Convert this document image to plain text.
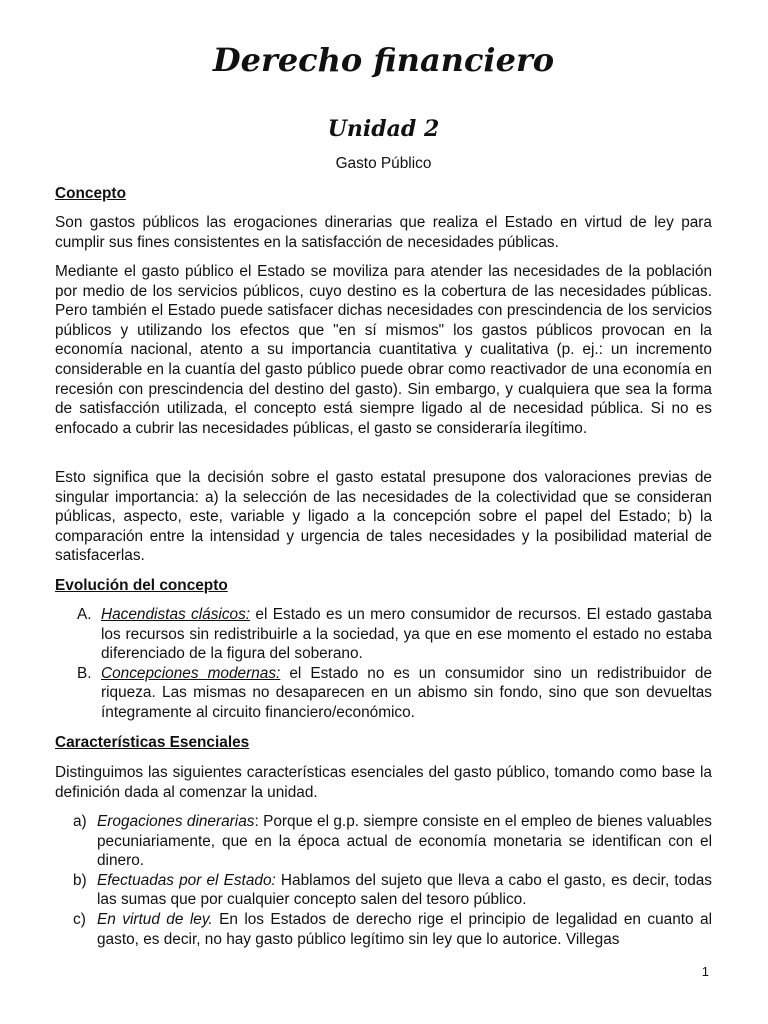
Derecho financiero
Unidad 2
Gasto Público
Concepto

Son gastos públicos las erogaciones dinerarias que realiza el Estado en virtud de ley para cumplir sus fines consistentes en la satisfacción de necesidades públicas.

Mediante el gasto público el Estado se moviliza para atender las necesidades de la población por medio de los servicios públicos, cuyo destino es la cobertura de las necesidades públicas. Pero también el Estado puede satisfacer dichas necesidades con prescindencia de los servicios públicos y utilizando los efectos que "en sí mismos" los gastos públicos provocan en la economía nacional, atento a su importancia cuantitativa y cualitativa (p. ej.: un incremento considerable en la cuantía del gasto público puede obrar como reactivador de una economía en recesión con prescindencia del destino del gasto). Sin embargo, y cualquiera que sea la forma de satisfacción utilizada, el concepto está siempre ligado al de necesidad pública. Si no es enfocado a cubrir las necesidades públicas, el gasto se consideraría ilegítimo.

Esto significa que la decisión sobre el gasto estatal presupone dos valoraciones previas de singular importancia: a) la selección de las necesidades de la colectividad que se consideran públicas, aspecto, este, variable y ligado a la concepción sobre el papel del Estado; b) la comparación entre la intensidad y urgencia de tales necesidades y la posibilidad material de satisfacerlas.

Evolución del concepto
A. Hacendistas clásicos: el Estado es un mero consumidor de recursos. El estado gastaba los recursos sin redistribuirle a la sociedad, ya que en ese momento el estado no estaba diferenciado de la figura del soberano.
B. Concepciones modernas: el Estado no es un consumidor sino un redistribuidor de riqueza. Las mismas no desaparecen en un abismo sin fondo, sino que son devueltas íntegramente al circuito financiero/económico.
Características Esenciales

Distinguimos las siguientes características esenciales del gasto público, tomando como base la definición dada al comenzar la unidad.

a) Erogaciones dinerarias: Porque el g.p. siempre consiste en el empleo de bienes valuables pecuniariamente, que en la época actual de economía monetaria se identifican con el dinero.
b) Efectuadas por el Estado: Hablamos del sujeto que lleva a cabo el gasto, es decir, todas las sumas que por cualquier concepto salen del tesoro público.
c) En virtud de ley. En los Estados de derecho rige el principio de legalidad en cuanto al gasto, es decir, no hay gasto público legítimo sin ley que lo autorice. Villegas
1
